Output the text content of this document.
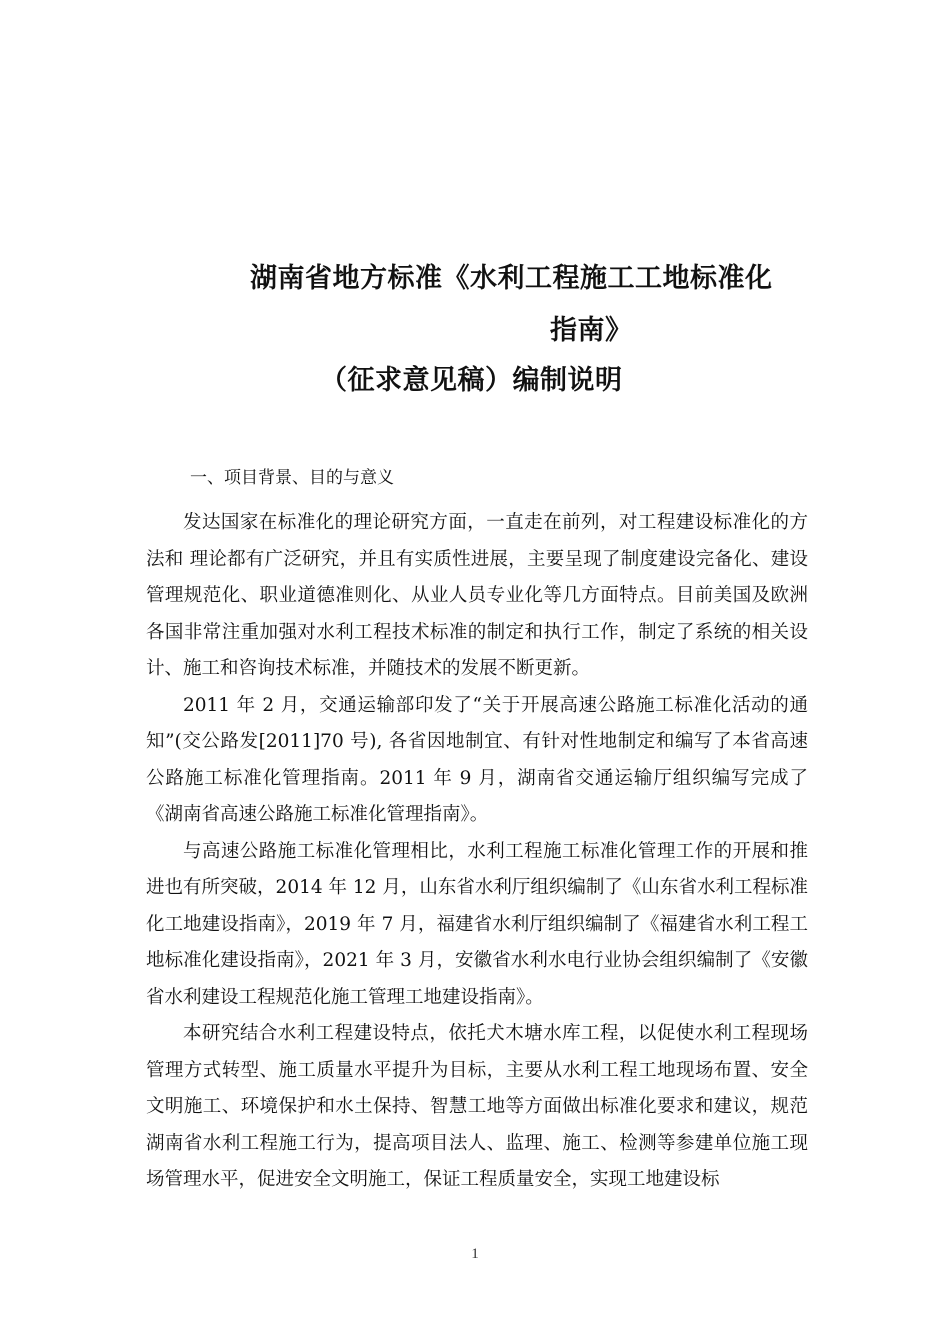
湖南省地方标准《水利工程施工工地标准化
指南》
（征求意见稿）编制说明
一、项目背景、目的与意义

发达国家在标准化的理论研究方面，一直走在前列，对工程建设标准化的方法和 理论都有广泛研究，并且有实质性进展，主要呈现了制度建设完备化、建设管理规范化、职业道德准则化、从业人员专业化等几方面特点。目前美国及欧洲各国非常注重加强对水利工程技术标准的制定和执行工作，制定了系统的相关设计、施工和咨询技术标准，并随技术的发展不断更新。

2011 年 2 月，交通运输部印发了“关于开展高速公路施工标准化活动的通知”(交公路发[2011]70 号), 各省因地制宜、有针对性地制定和编写了本省高速公路施工标准化管理指南。2011 年 9 月，湖南省交通运输厅组织编写完成了《湖南省高速公路施工标准化管理指南》。

与高速公路施工标准化管理相比，水利工程施工标准化管理工作的开展和推进也有所突破，2014 年 12 月，山东省水利厅组织编制了《山东省水利工程标准化工地建设指南》，2019 年 7 月，福建省水利厅组织编制了《福建省水利工程工地标准化建设指南》，2021 年 3 月，安徽省水利水电行业协会组织编制了《安徽省水利建设工程规范化施工管理工地建设指南》。

本研究结合水利工程建设特点，依托犬木塘水库工程，以促使水利工程现场管理方式转型、施工质量水平提升为目标，主要从水利工程工地现场布置、安全文明施工、环境保护和水土保持、智慧工地等方面做出标准化要求和建议，规范湖南省水利工程施工行为，提高项目法人、监理、施工、检测等参建单位施工现场管理水平，促进安全文明施工，保证工程质量安全，实现工地建设标

1
